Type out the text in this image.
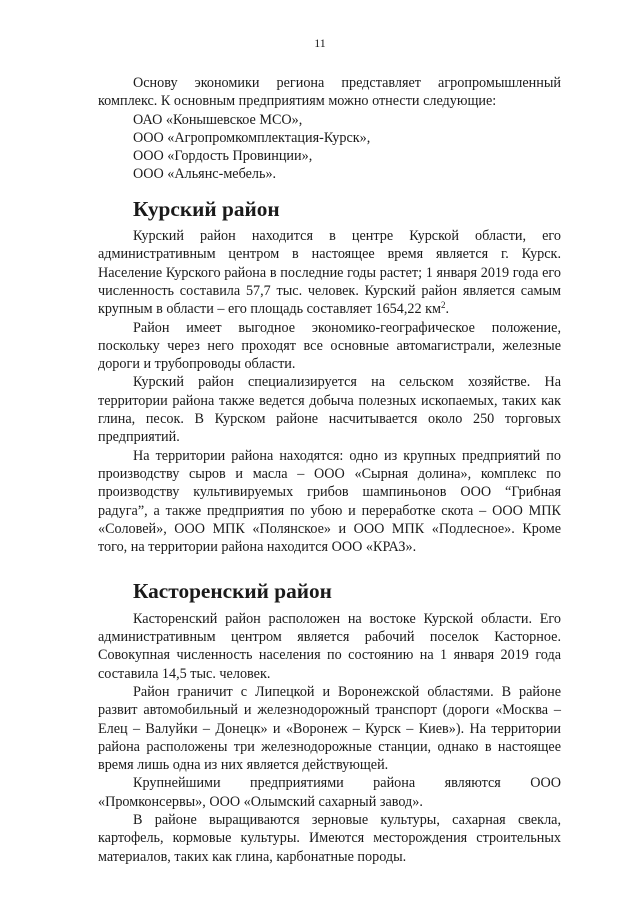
11

Основу экономики региона представляет агропромышленный комплекс. К основным предприятиям можно отнести следующие:

ОАО «Конышевское МСО»,
ООО «Агропромкомплектация-Курск»,
ООО «Гордость Провинции»,
ООО «Альянс-мебель».
Курский район

Курский район находится в центре Курской области, его административным центром в настоящее время является г. Курск. Население Курского района в последние годы растет; 1 января 2019 года его численность составила 57,7 тыс. человек. Курский район является самым крупным в области – его площадь составляет 1654,22 $км^2$.

Район имеет выгодное экономико-географическое положение, поскольку через него проходят все основные автомагистрали, железные дороги и трубопроводы области.

Курский район специализируется на сельском хозяйстве. На территории района также ведется добыча полезных ископаемых, таких как глина, песок. В Курском районе насчитывается около 250 торговых предприятий.

На территории района находятся: одно из крупных предприятий по производству сыров и масла – ООО «Сырная долина», комплекс по производству культивируемых грибов шампиньонов ООО “Грибная радуга”, а также предприятия по убою и переработке скота – ООО МПК «Соловей», ООО МПК «Полянское» и ООО МПК «Подлесное». Кроме того, на территории района находится ООО «КРАЗ».

Касторенский район

Касторенский район расположен на востоке Курской области. Его административным центром является рабочий поселок Касторное. Совокупная численность населения по состоянию на 1 января 2019 года составила 14,5 тыс. человек.

Район граничит с Липецкой и Воронежской областями. В районе развит автомобильный и железнодорожный транспорт (дороги «Москва – Елец – Валуйки – Донецк» и «Воронеж – Курск – Киев»). На территории района расположены три железнодорожные станции, однако в настоящее время лишь одна из них является действующей.

Крупнейшими предприятиями района являются ООО «Промконсервы», ООО «Олымский сахарный завод».

В районе выращиваются зерновые культуры, сахарная свекла, картофель, кормовые культуры. Имеются месторождения строительных материалов, таких как глина, карбонатные породы.
